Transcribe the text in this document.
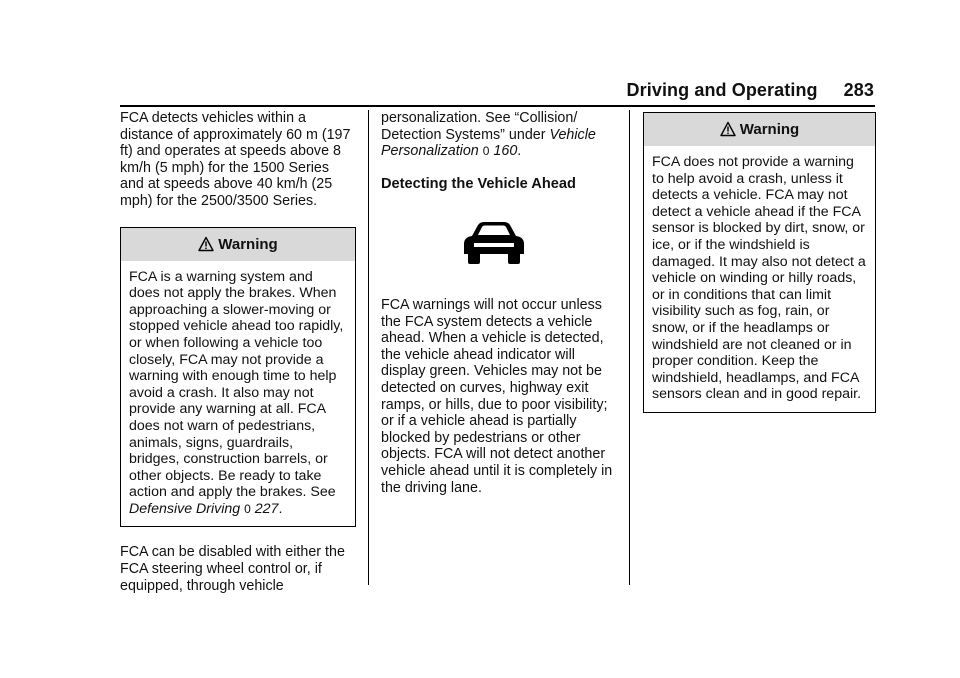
Driving and Operating 283

FCA detects vehicles within a distance of approximately 60 m (197 ft) and operates at speeds above 8 km/h (5 mph) for the 1500 Series and at speeds above 40 km/h (25 mph) for the 2500/3500 Series.

Warning
FCA is a warning system and does not apply the brakes. When approaching a slower-moving or stopped vehicle ahead too rapidly, or when following a vehicle too closely, FCA may not provide a warning with enough time to help avoid a crash. It also may not provide any warning at all. FCA does not warn of pedestrians, animals, signs, guardrails, bridges, construction barrels, or other objects. Be ready to take action and apply the brakes. See Defensive Driving 0 227.

FCA can be disabled with either the FCA steering wheel control or, if equipped, through vehicle

personalization. See “Collision/ Detection Systems” under Vehicle Personalization 0 160.

Detecting the Vehicle Ahead

FCA warnings will not occur unless the FCA system detects a vehicle ahead. When a vehicle is detected, the vehicle ahead indicator will display green. Vehicles may not be detected on curves, highway exit ramps, or hills, due to poor visibility; or if a vehicle ahead is partially blocked by pedestrians or other objects. FCA will not detect another vehicle ahead until it is completely in the driving lane.

Warning
FCA does not provide a warning to help avoid a crash, unless it detects a vehicle. FCA may not detect a vehicle ahead if the FCA sensor is blocked by dirt, snow, or ice, or if the windshield is damaged. It may also not detect a vehicle on winding or hilly roads, or in conditions that can limit visibility such as fog, rain, or snow, or if the headlamps or windshield are not cleaned or in proper condition. Keep the windshield, headlamps, and FCA sensors clean and in good repair.
